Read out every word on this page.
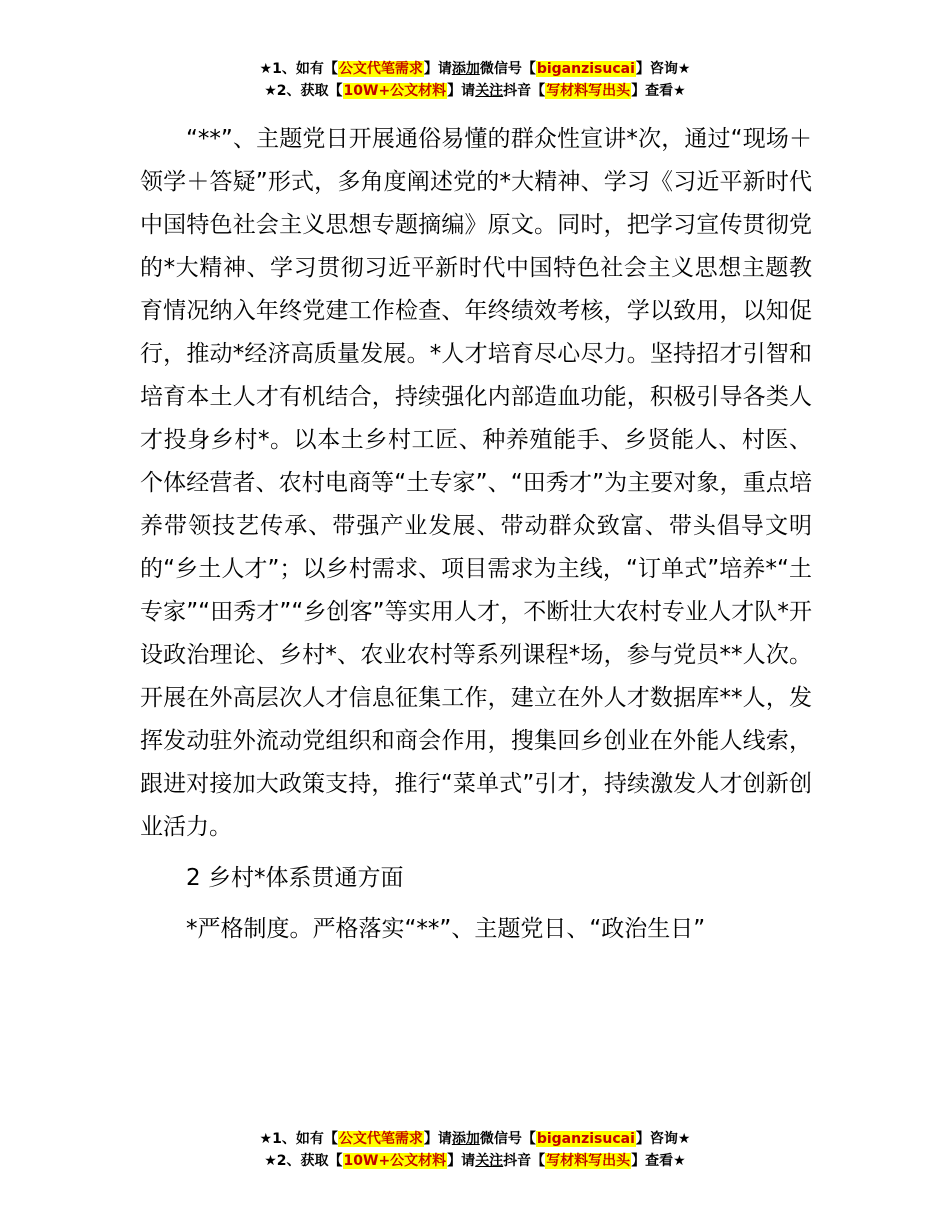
★1、如有【公文代笔需求】请添加微信号【biganzisucai】咨询★
★2、获取【10W+公文材料】请关注抖音【写材料写出头】查看★

“**”、主题党日开展通俗易懂的群众性宣讲*次，通过“现场＋领学＋答疑”形式，多角度阐述党的*大精神、学习《习近平新时代中国特色社会主义思想专题摘编》原文。同时，把学习宣传贯彻党的*大精神、学习贯彻习近平新时代中国特色社会主义思想主题教育情况纳入年终党建工作检查、年终绩效考核，学以致用，以知促行，推动*经济高质量发展。*人才培育尽心尽力。坚持招才引智和培育本土人才有机结合，持续强化内部造血功能，积极引导各类人才投身乡村*。以本土乡村工匠、种养殖能手、乡贤能人、村医、个体经营者、农村电商等“土专家”、“田秀才”为主要对象，重点培养带领技艺传承、带强产业发展、带动群众致富、带头倡导文明的“乡土人才”；以乡村需求、项目需求为主线，“订单式”培养*“土专家”“田秀才”“乡创客”等实用人才，不断壮大农村专业人才队*开设政治理论、乡村*、农业农村等系列课程*场，参与党员**人次。开展在外高层次人才信息征集工作，建立在外人才数据库**人，发挥发动驻外流动党组织和商会作用，搜集回乡创业在外能人线索，跟进对接加大政策支持，推行“菜单式”引才，持续激发人才创新创业活力。

2 乡村*体系贯通方面

*严格制度。严格落实“**”、主题党日、“政治生日”

★1、如有【公文代笔需求】请添加微信号【biganzisucai】咨询★
★2、获取【10W+公文材料】请关注抖音【写材料写出头】查看★
